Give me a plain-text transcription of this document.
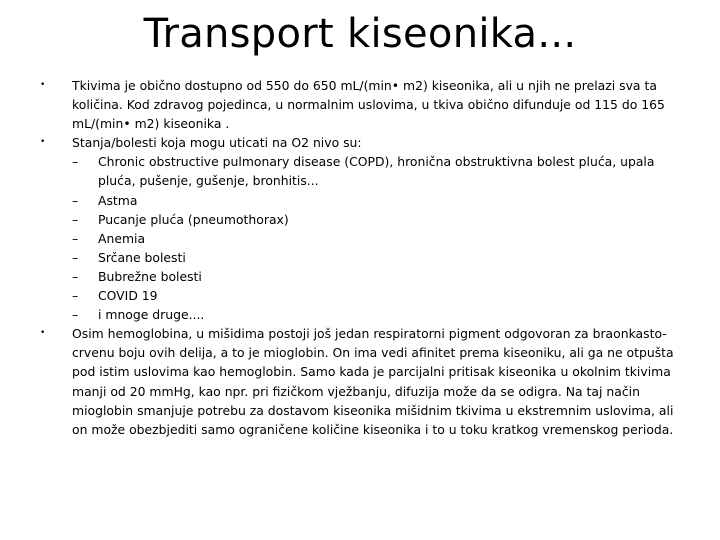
Transport kiseonika...
•	Tkivima je obično dostupno od 550 do 650 mL/(min• m2) kiseonika, ali u njih ne prelazi sva ta količina. Kod zdravog pojedinca, u normalnim uslovima, u tkiva obično difunduje od 115 do 165 mL/(min• m2) kiseonika .
•	Stanja/bolesti koja mogu uticati na O2 nivo su:
– Chronic obstructive pulmonary disease (COPD), hronična obstruktivna bolest pluća, upala pluća, pušenje, gušenje, bronhitis...
– Astma
– Pucanje pluća (pneumothorax)
– Anemia
– Srčane bolesti
– Bubrežne bolesti
– COVID 19
– i mnoge druge....
•	Osim hemoglobina, u mišidima postoji još jedan respiratorni pigment odgovoran za braonkasto-crvenu boju ovih delija, a to je mioglobin. On ima vedi afinitet prema kiseoniku, ali ga ne otpušta pod istim uslovima kao hemoglobin. Samo kada je parcijalni pritisak kiseonika u okolnim tkivima manji od 20 mmHg, kao npr. pri fizičkom vježbanju, difuzija može da se odigra. Na taj način mioglobin smanjuje potrebu za dostavom kiseonika mišidnim tkivima u ekstremnim uslovima, ali on može obezbjediti samo ograničene količine kiseonika i to u toku kratkog vremenskog perioda.
